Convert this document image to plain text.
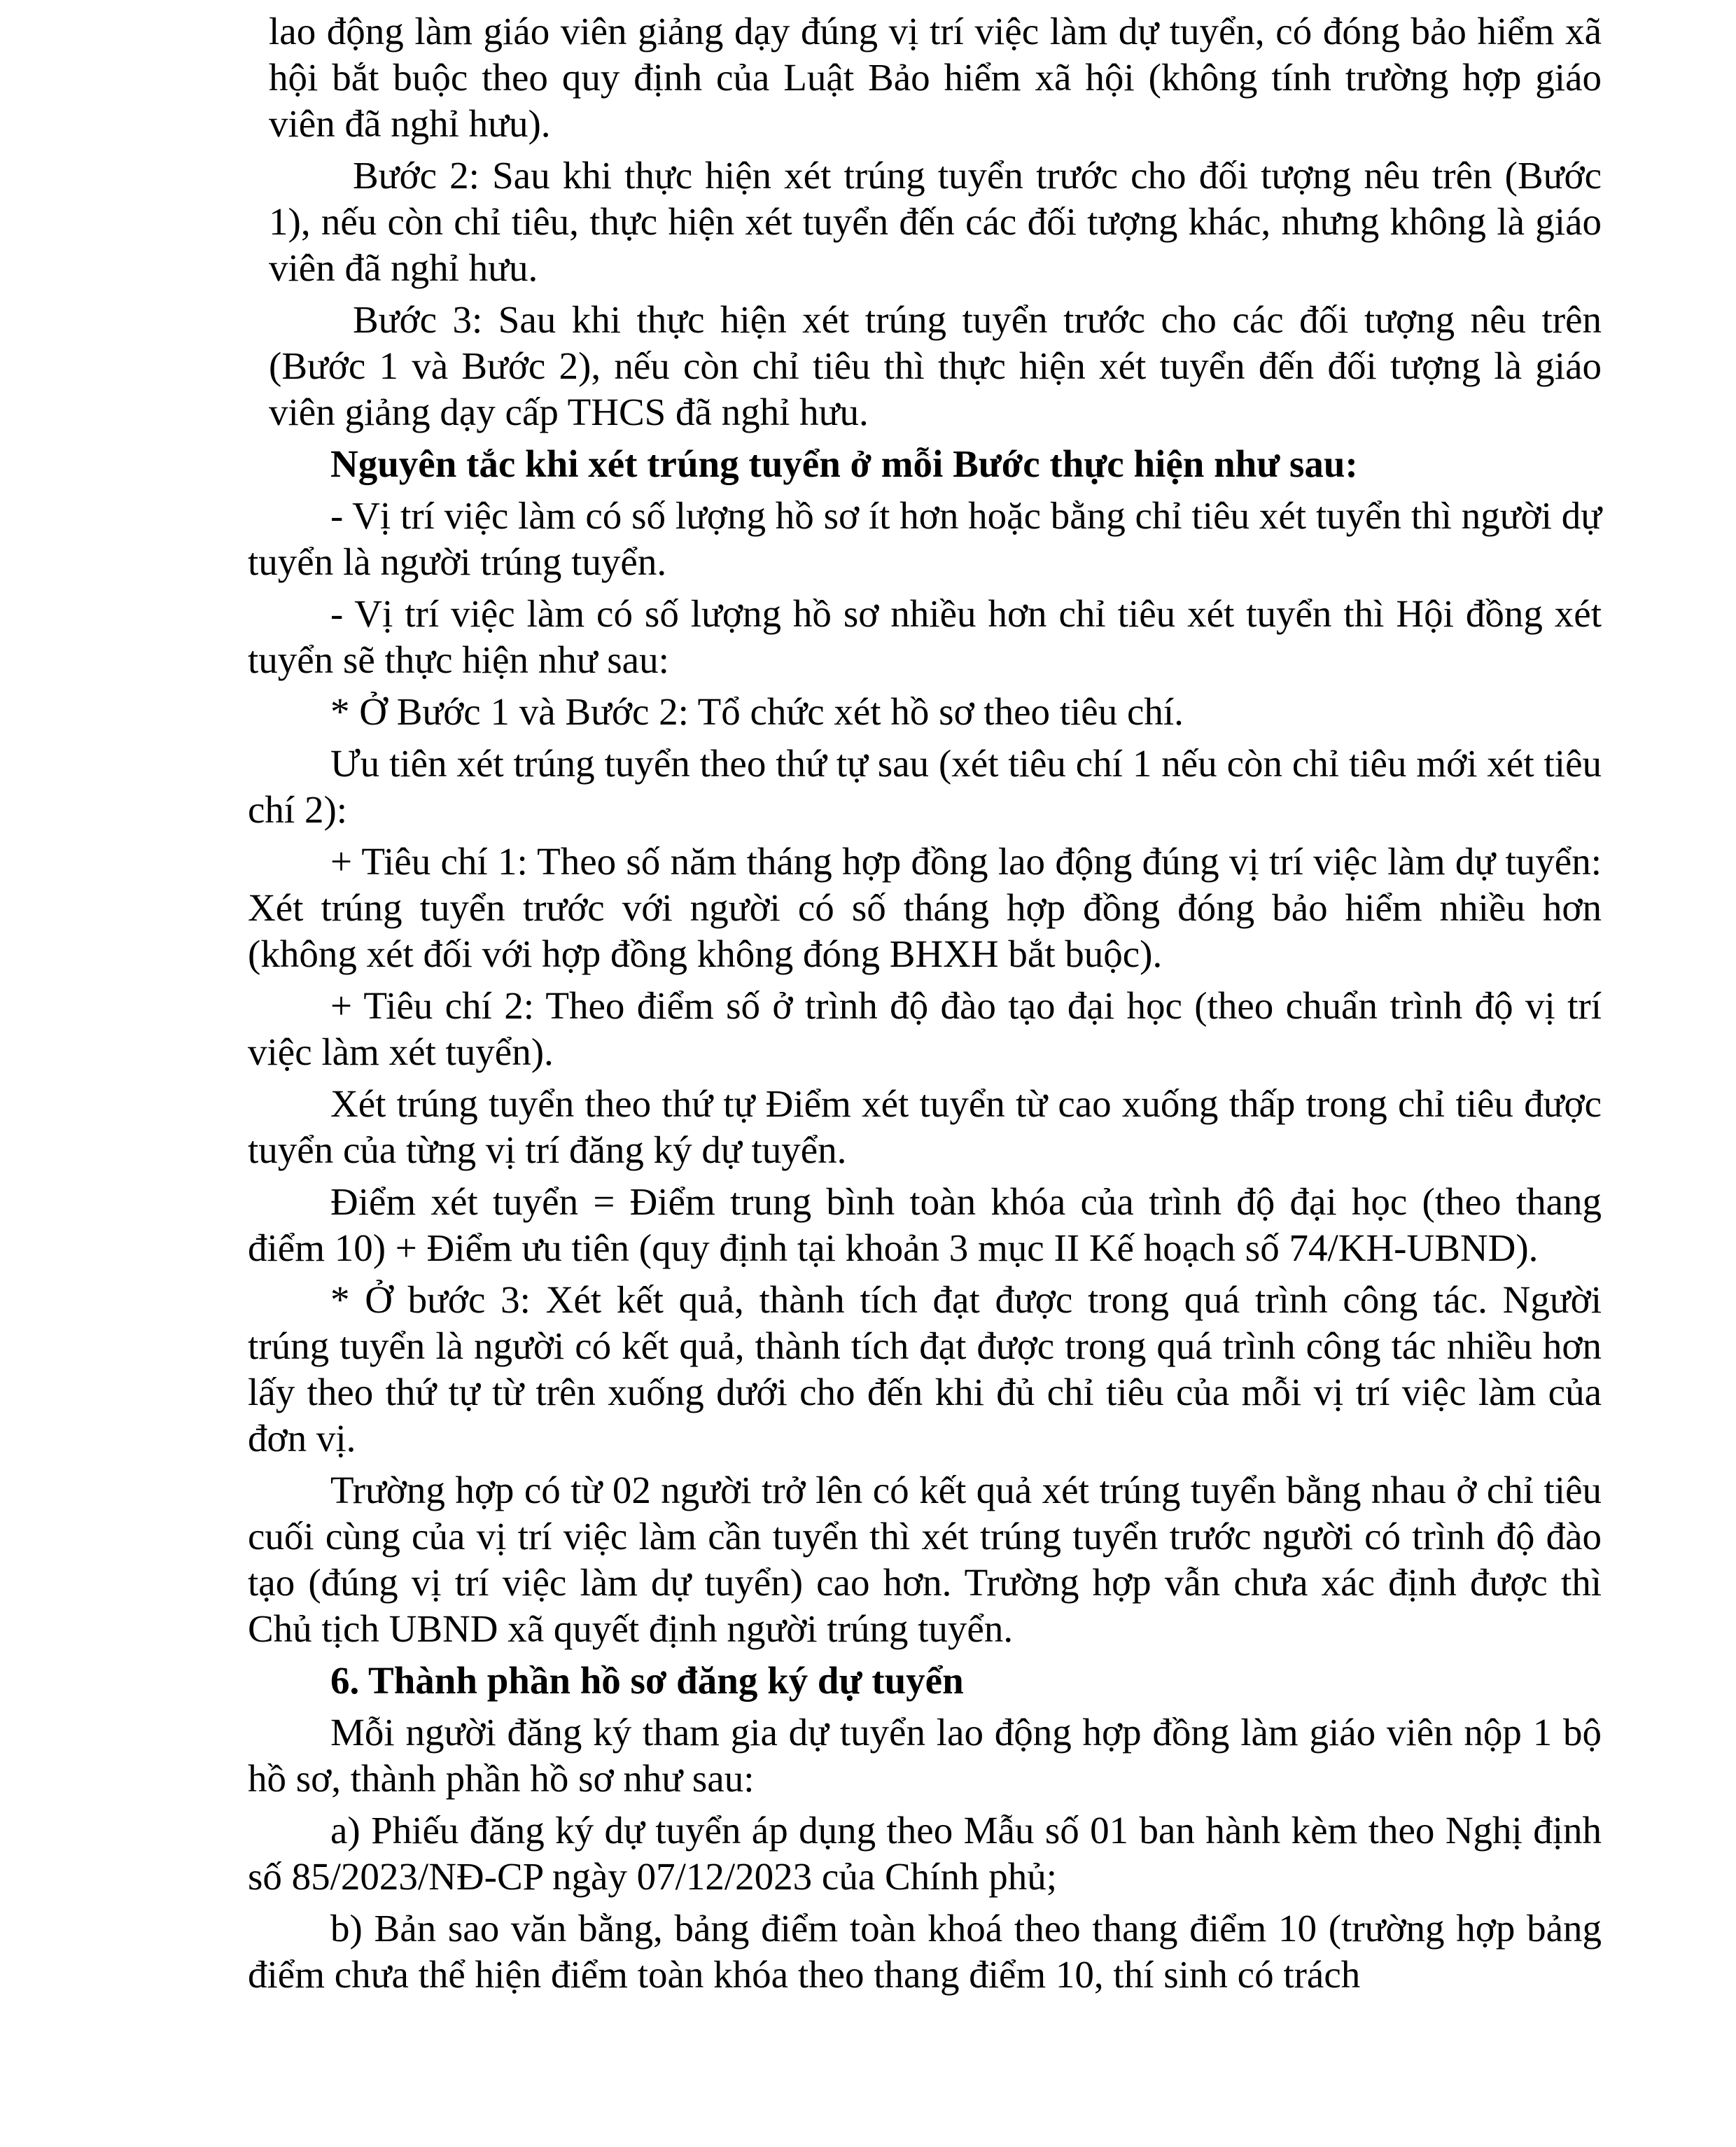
lao động làm giáo viên giảng dạy đúng vị trí việc làm dự tuyển, có đóng bảo hiểm xã hội bắt buộc theo quy định của Luật Bảo hiểm xã hội (không tính trường hợp giáo viên đã nghỉ hưu).

Bước 2: Sau khi thực hiện xét trúng tuyển trước cho đối tượng nêu trên (Bước 1), nếu còn chỉ tiêu, thực hiện xét tuyển đến các đối tượng khác, nhưng không là giáo viên đã nghỉ hưu.

Bước 3: Sau khi thực hiện xét trúng tuyển trước cho các đối tượng nêu trên (Bước 1 và Bước 2), nếu còn chỉ tiêu thì thực hiện xét tuyển đến đối tượng là giáo viên giảng dạy cấp THCS đã nghỉ hưu.

Nguyên tắc khi xét trúng tuyển ở mỗi Bước thực hiện như sau:

- Vị trí việc làm có số lượng hồ sơ ít hơn hoặc bằng chỉ tiêu xét tuyển thì người dự tuyển là người trúng tuyển.

- Vị trí việc làm có số lượng hồ sơ nhiều hơn chỉ tiêu xét tuyển thì Hội đồng xét tuyển sẽ thực hiện như sau:

* Ở Bước 1 và Bước 2: Tổ chức xét hồ sơ theo tiêu chí.

Ưu tiên xét trúng tuyển theo thứ tự sau (xét tiêu chí 1 nếu còn chỉ tiêu mới xét tiêu chí 2):

+ Tiêu chí 1: Theo số năm tháng hợp đồng lao động đúng vị trí việc làm dự tuyển: Xét trúng tuyển trước với người có số tháng hợp đồng đóng bảo hiểm nhiều hơn (không xét đối với hợp đồng không đóng BHXH bắt buộc).

+ Tiêu chí 2: Theo điểm số ở trình độ đào tạo đại học (theo chuẩn trình độ vị trí việc làm xét tuyển).

Xét trúng tuyển theo thứ tự Điểm xét tuyển từ cao xuống thấp trong chỉ tiêu được tuyển của từng vị trí đăng ký dự tuyển.

Điểm xét tuyển = Điểm trung bình toàn khóa của trình độ đại học (theo thang điểm 10) + Điểm ưu tiên (quy định tại khoản 3 mục II Kế hoạch số 74/KH-UBND).

* Ở bước 3: Xét kết quả, thành tích đạt được trong quá trình công tác. Người trúng tuyển là người có kết quả, thành tích đạt được trong quá trình công tác nhiều hơn lấy theo thứ tự từ trên xuống dưới cho đến khi đủ chỉ tiêu của mỗi vị trí việc làm của đơn vị.

Trường hợp có từ 02 người trở lên có kết quả xét trúng tuyển bằng nhau ở chỉ tiêu cuối cùng của vị trí việc làm cần tuyển thì xét trúng tuyển trước người có trình độ đào tạo (đúng vị trí việc làm dự tuyển) cao hơn. Trường hợp vẫn chưa xác định được thì Chủ tịch UBND xã quyết định người trúng tuyển.

6. Thành phần hồ sơ đăng ký dự tuyển

Mỗi người đăng ký tham gia dự tuyển lao động hợp đồng làm giáo viên nộp 1 bộ hồ sơ, thành phần hồ sơ như sau:

a) Phiếu đăng ký dự tuyển áp dụng theo Mẫu số 01 ban hành kèm theo Nghị định số 85/2023/NĐ-CP ngày 07/12/2023 của Chính phủ;

b) Bản sao văn bằng, bảng điểm toàn khoá theo thang điểm 10 (trường hợp bảng điểm chưa thể hiện điểm toàn khóa theo thang điểm 10, thí sinh có trách
